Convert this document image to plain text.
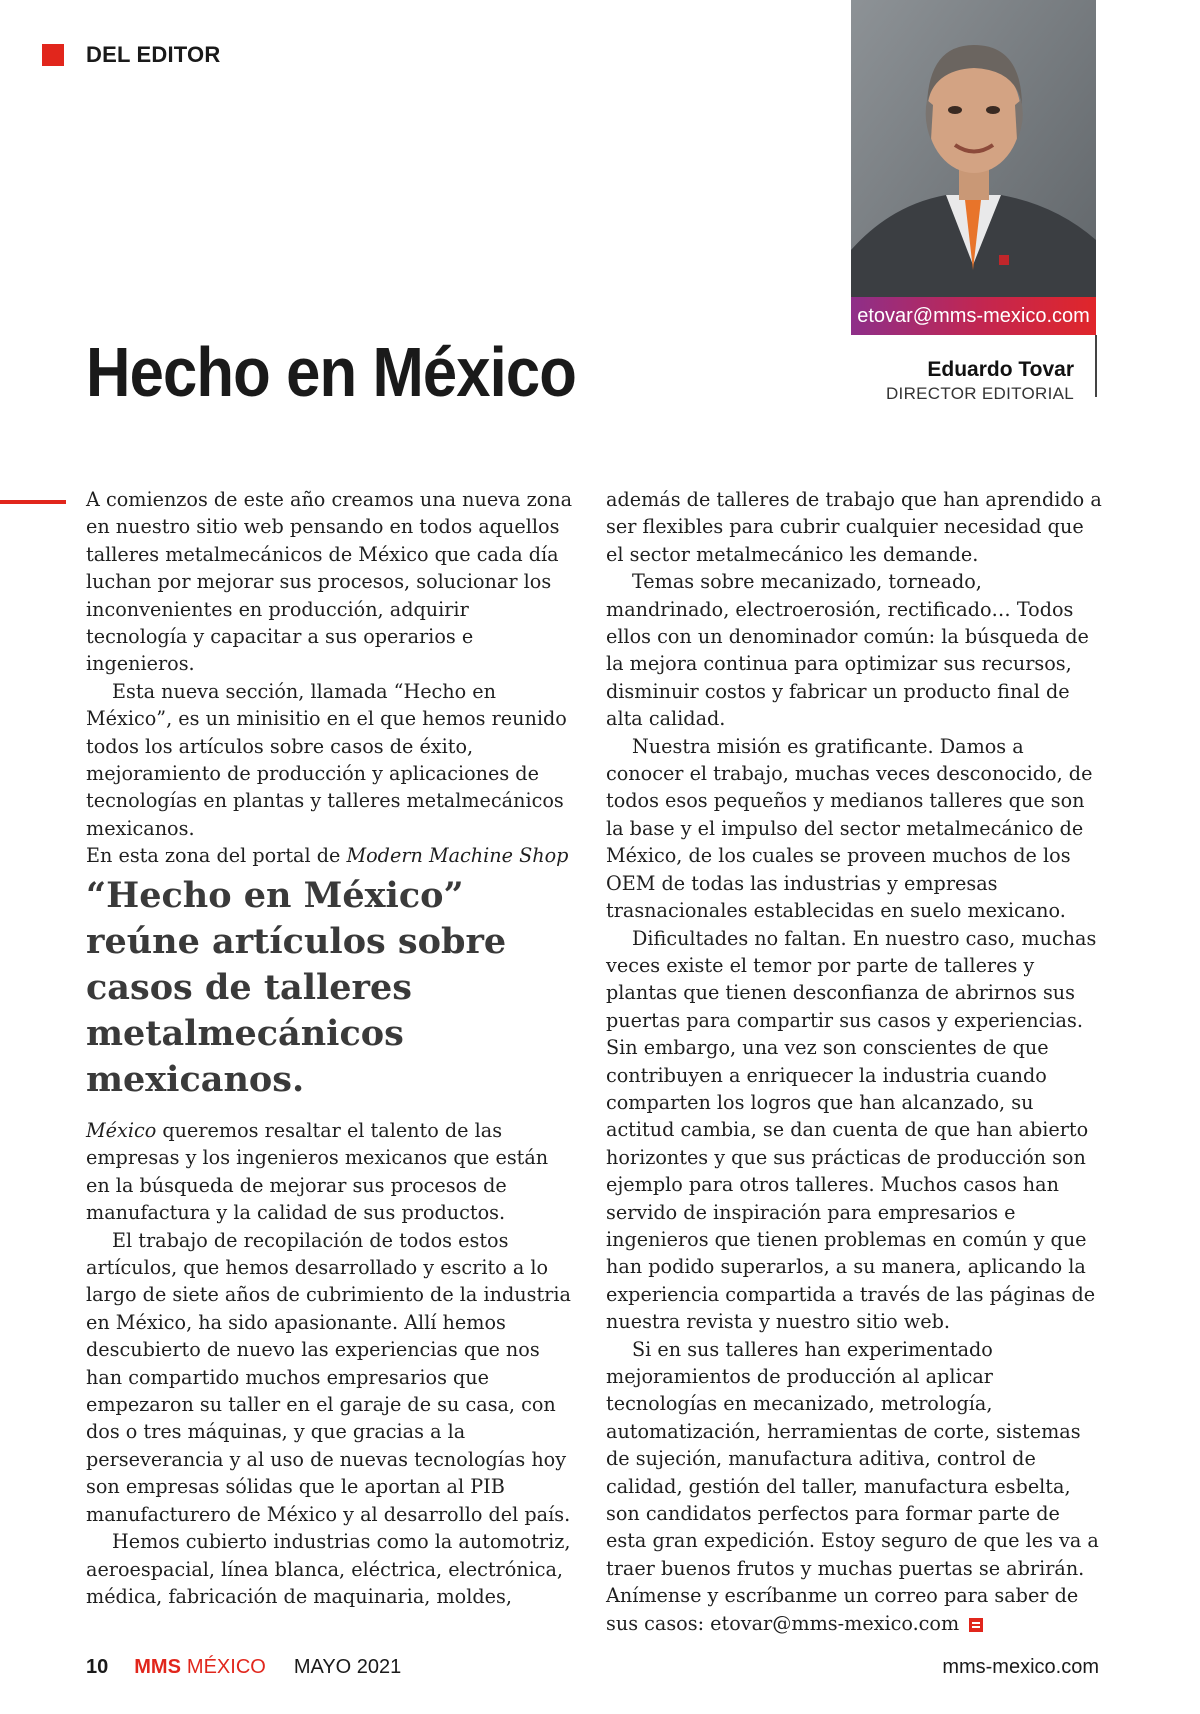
DEL EDITOR
etovar@mms-mexico.com
Eduardo Tovar
DIRECTOR EDITORIAL
Hecho en México

A comienzos de este año creamos una nueva zona en nuestro sitio web pensando en todos aquellos talleres metalmecánicos de México que cada día luchan por mejorar sus procesos, solucionar los inconvenientes en producción, adquirir tecnología y capacitar a sus operarios e ingenieros.

Esta nueva sección, llamada “Hecho en México”, es un minisitio en el que hemos reunido todos los artículos sobre casos de éxito, mejoramiento de producción y aplicaciones de tecnologías en plantas y talleres metalmecánicos mexicanos.

En esta zona del portal de Modern Machine Shop

“Hecho en México” reúne artículos sobre casos de talleres metalmecánicos mexicanos.

México queremos resaltar el talento de las empresas y los ingenieros mexicanos que están en la búsqueda de mejorar sus procesos de manufactura y la calidad de sus productos.

El trabajo de recopilación de todos estos artículos, que hemos desarrollado y escrito a lo largo de siete años de cubrimiento de la industria en México, ha sido apasionante. Allí hemos descubierto de nuevo las experiencias que nos han compartido muchos empresarios que empezaron su taller en el garaje de su casa, con dos o tres máquinas, y que gracias a la perseverancia y al uso de nuevas tecnologías hoy son empresas sólidas que le aportan al PIB manufacturero de México y al desarrollo del país.

Hemos cubierto industrias como la automotriz, aeroespacial, línea blanca, eléctrica, electrónica, médica, fabricación de maquinaria, moldes,

además de talleres de trabajo que han aprendido a ser flexibles para cubrir cualquier necesidad que el sector metalmecánico les demande.

Temas sobre mecanizado, torneado, mandrinado, electroerosión, rectificado… Todos ellos con un denominador común: la búsqueda de la mejora continua para optimizar sus recursos, disminuir costos y fabricar un producto final de alta calidad.

Nuestra misión es gratificante. Damos a conocer el trabajo, muchas veces desconocido, de todos esos pequeños y medianos talleres que son la base y el impulso del sector metalmecánico de México, de los cuales se proveen muchos de los OEM de todas las industrias y empresas trasnacionales establecidas en suelo mexicano.

Dificultades no faltan. En nuestro caso, muchas veces existe el temor por parte de talleres y plantas que tienen desconfianza de abrirnos sus puertas para compartir sus casos y experiencias. Sin embargo, una vez son conscientes de que contribuyen a enriquecer la industria cuando comparten los logros que han alcanzado, su actitud cambia, se dan cuenta de que han abierto horizontes y que sus prácticas de producción son ejemplo para otros talleres. Muchos casos han servido de inspiración para empresarios e ingenieros que tienen problemas en común y que han podido superarlos, a su manera, aplicando la experiencia compartida a través de las páginas de nuestra revista y nuestro sitio web.

Si en sus talleres han experimentado mejoramientos de producción al aplicar tecnologías en mecanizado, metrología, automatización, herramientas de corte, sistemas de sujeción, manufactura aditiva, control de calidad, gestión del taller, manufactura esbelta, son candidatos perfectos para formar parte de esta gran expedición. Estoy seguro de que les va a traer buenos frutos y muchas puertas se abrirán. Anímense y escríbanme un correo para saber de sus casos: etovar@mms-mexico.com

10 MMS MÉXICO MAYO 2021	mms-mexico.com
